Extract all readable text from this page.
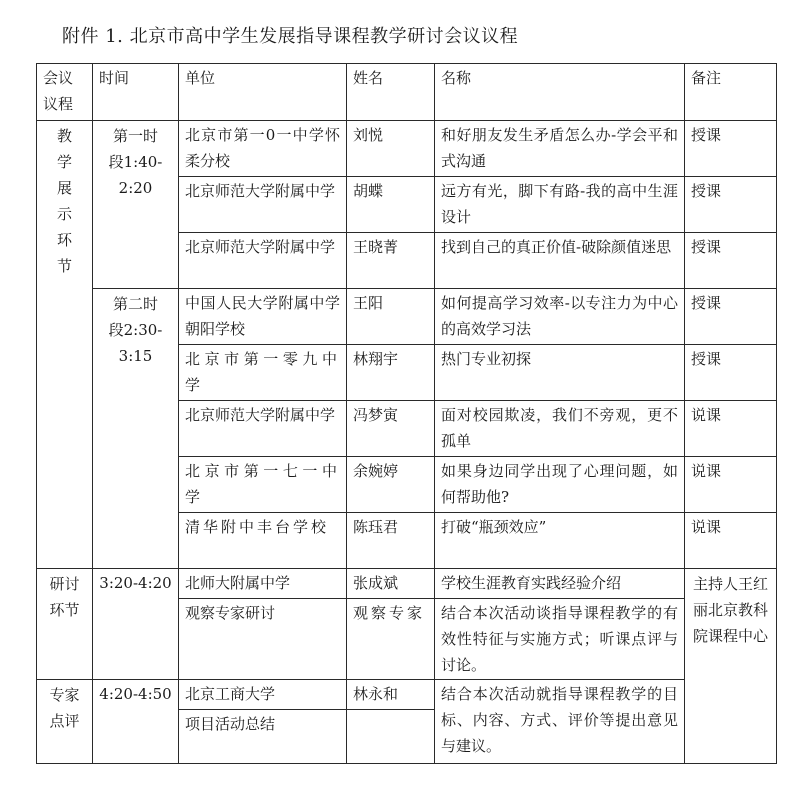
附件 1. 北京市高中学生发展指导课程教学研讨会议议程
会议议程	时间	单位	姓名	名称	备注
教学展示环节	第一时段1:40-2:20	北京市第一0一中学怀柔分校	刘悦	和好朋友发生矛盾怎么办-学会平和式沟通	授课
		北京师范大学附属中学	胡蝶	远方有光，脚下有路-我的高中生涯设计	授课
		北京师范大学附属中学	王晓菁	找到自己的真正价值-破除颜值迷思	授课
	第二时段2:30-3:15	中国人民大学附属中学朝阳学校	王阳	如何提高学习效率-以专注力为中心的高效学习法	授课
		北京市第一零九中学	林翔宇	热门专业初探	授课
		北京师范大学附属中学	冯梦寅	面对校园欺凌，我们不旁观，更不孤单	说课
		北京市第一七一中学	余婉婷	如果身边同学出现了心理问题，如何帮助他?	说课
		清华附中丰台学校	陈珏君	打破“瓶颈效应”	说课
研讨环节	3:20-4:20	北师大附属中学	张成斌	学校生涯教育实践经验介绍	主持人王红丽北京教科院课程中心
		观察专家研讨	观察专家	结合本次活动谈指导课程教学的有效性特征与实施方式；听课点评与讨论。	
专家点评	4:20-4:50	北京工商大学	林永和	结合本次活动就指导课程教学的目标、内容、方式、评价等提出意见与建议。	
		项目活动总结			
